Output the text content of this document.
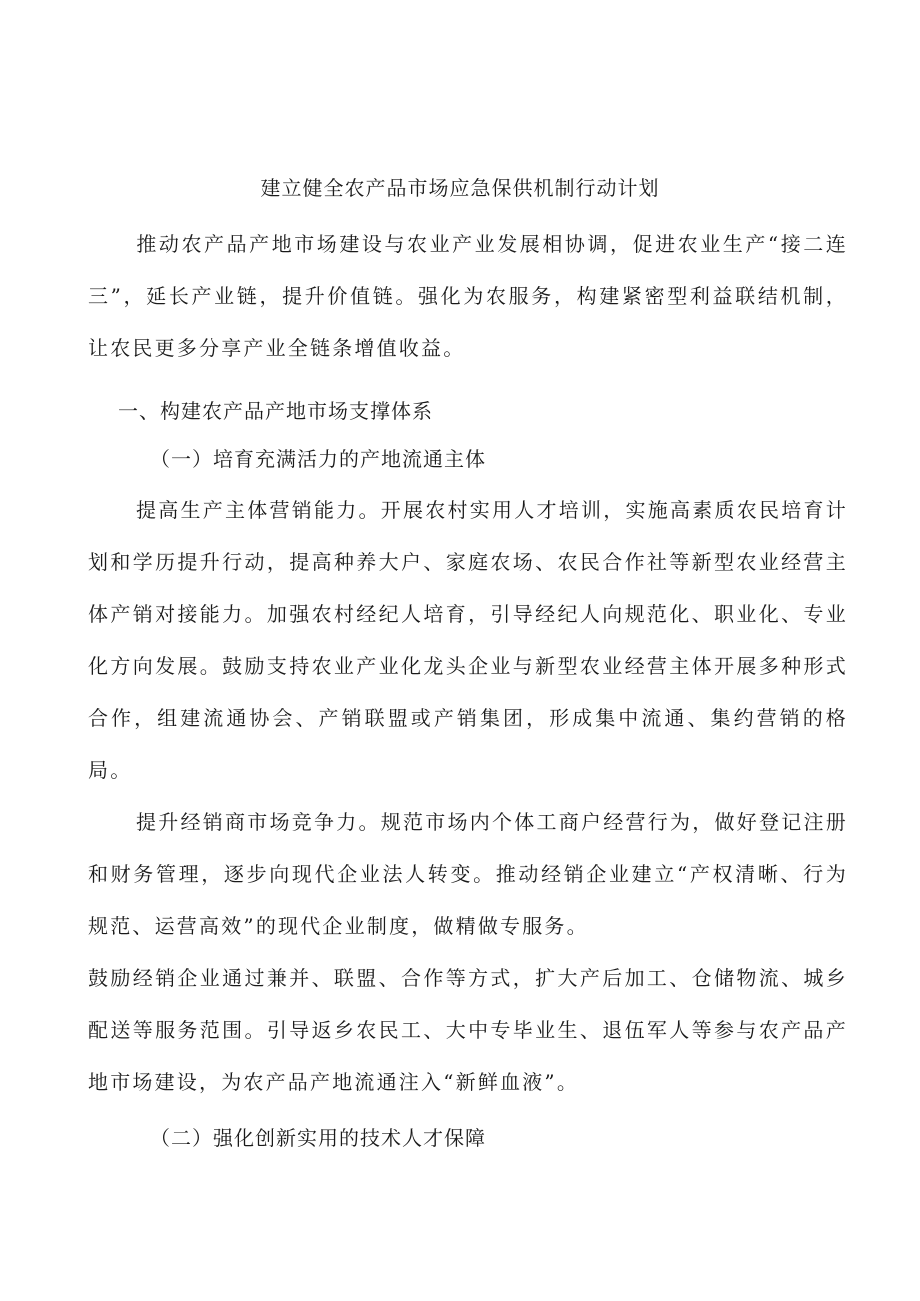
建立健全农产品市场应急保供机制行动计划

推动农产品产地市场建设与农业产业发展相协调，促进农业生产“接二连三”，延长产业链，提升价值链。强化为农服务，构建紧密型利益联结机制，让农民更多分享产业全链条增值收益。

一、构建农产品产地市场支撑体系
（一）培育充满活力的产地流通主体

提高生产主体营销能力。开展农村实用人才培训，实施高素质农民培育计划和学历提升行动，提高种养大户、家庭农场、农民合作社等新型农业经营主体产销对接能力。加强农村经纪人培育，引导经纪人向规范化、职业化、专业化方向发展。鼓励支持农业产业化龙头企业与新型农业经营主体开展多种形式合作，组建流通协会、产销联盟或产销集团，形成集中流通、集约营销的格局。

提升经销商市场竞争力。规范市场内个体工商户经营行为，做好登记注册和财务管理，逐步向现代企业法人转变。推动经销企业建立“产权清晰、行为规范、运营高效”的现代企业制度，做精做专服务。

鼓励经销企业通过兼并、联盟、合作等方式，扩大产后加工、仓储物流、城乡配送等服务范围。引导返乡农民工、大中专毕业生、退伍军人等参与农产品产地市场建设，为农产品产地流通注入“新鲜血液”。

（二）强化创新实用的技术人才保障
